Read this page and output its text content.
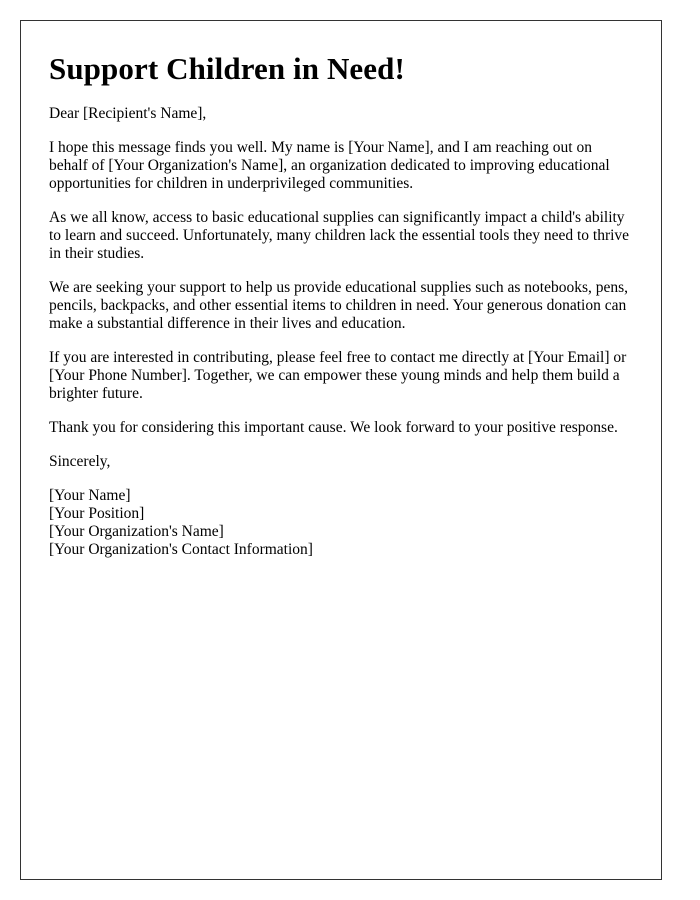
Support Children in Need!

Dear [Recipient's Name],

I hope this message finds you well. My name is [Your Name], and I am reaching out on behalf of [Your Organization's Name], an organization dedicated to improving educational opportunities for children in underprivileged communities.

As we all know, access to basic educational supplies can significantly impact a child's ability to learn and succeed. Unfortunately, many children lack the essential tools they need to thrive in their studies.

We are seeking your support to help us provide educational supplies such as notebooks, pens, pencils, backpacks, and other essential items to children in need. Your generous donation can make a substantial difference in their lives and education.

If you are interested in contributing, please feel free to contact me directly at [Your Email] or [Your Phone Number]. Together, we can empower these young minds and help them build a brighter future.

Thank you for considering this important cause. We look forward to your positive response.

Sincerely,

[Your Name]
[Your Position]
[Your Organization's Name]
[Your Organization's Contact Information]
